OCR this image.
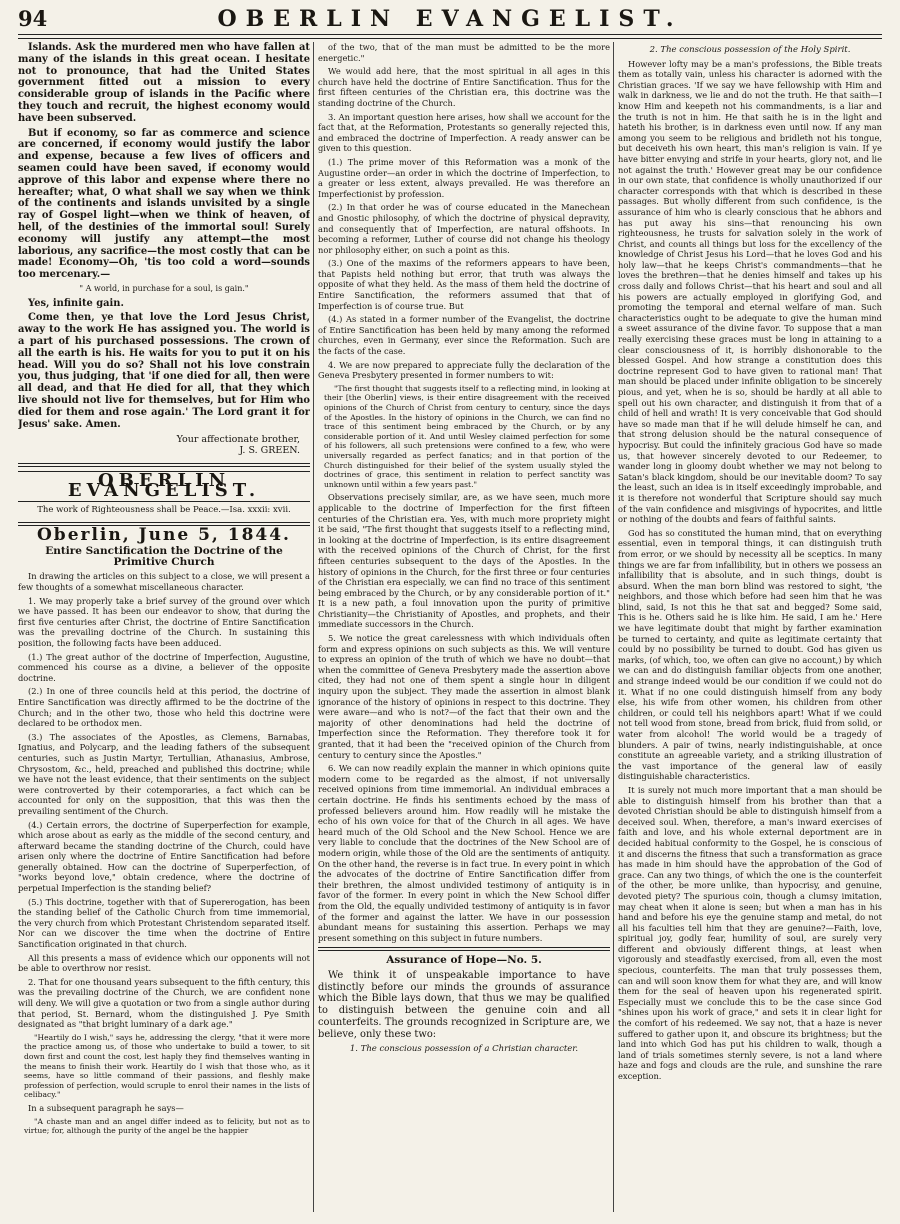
94	OBERLIN EVANGELIST.

Islands. Ask the murdered men who have fallen at many of the islands in this great ocean. I hesitate not to pronounce, that had the United States government fitted out a mission to every considerable group of islands in the Pacific where they touch and recruit, the highest economy would have been subserved.

But if economy, so far as commerce and science are concerned, if economy would justify the labor and expense, because a few lives of officers and seamen could have been saved, if economy would approve of this labor and expense where there no hereafter; what, O what shall we say when we think of the continents and islands unvisited by a single ray of Gospel light—when we think of heaven, of hell, of the destinies of the immortal soul! Surely economy will justify any attempt—the most laborious, any sacrifice—the most costly that can be made! Economy—Oh, 'tis too cold a word—sounds too mercenary.—

" A world, in purchase for a soul, is gain."

Yes, infinite gain.

Come then, ye that love the Lord Jesus Christ, away to the work He has assigned you. The world is a part of his purchased possessions. The crown of all the earth is his. He waits for you to put it on his head. Will you do so? Shall not his love constrain you, thus judging, that 'if one died for all, then were all dead, and that He died for all, that they which live should not live for themselves, but for Him who died for them and rose again.' The Lord grant it for Jesus' sake. Amen.

Your affectionate brother,

J. S. GREEN.

OBERLIN EVANGELIST.

The work of Righteousness shall be Peace.—Isa. xxxii: xvii.

Oberlin, June 5, 1844.

Entire Sanctification the Doctrine of the Primitive Church

In drawing the articles on this subject to a close, we will present a few thoughts of a somewhat miscellaneous character.

1. We may properly take a brief survey of the ground over which we have passed. It has been our endeavor to show, that during the first five centuries after Christ, the doctrine of Entire Sanctification was the prevailing doctrine of the Church. In sustaining this position, the following facts have been adduced.

(1.) The great author of the doctrine of Imperfection, Augustine, commenced his course as a divine, a believer of the opposite doctrine.

(2.) In one of three councils held at this period, the doctrine of Entire Sanctification was directly affirmed to be the doctrine of the Church; and in the other two, those who held this doctrine were declared to be orthodox men.

(3.) The associates of the Apostles, as Clemens, Barnabas, Ignatius, and Polycarp, and the leading fathers of the subsequent centuries, such as Justin Martyr, Tertullian, Athanasius, Ambrose, Chrysostom, &c., held, preached and published this doctrine; while we have not the least evidence, that their sentiments on the subject were controverted by their cotemporaries, a fact which can be accounted for only on the supposition, that this was then the prevailing sentiment of the Church.

(4.) Certain errors, the doctrine of Superperfection for example, which arose about as early as the middle of the second century, and afterward became the standing doctrine of the Church, could have arisen only where the doctrine of Entire Sanctification had before generally obtained. How can the doctrine of Superperfection, of "works beyond love," obtain credence, where the doctrine of perpetual Imperfection is the standing belief?

(5.) This doctrine, together with that of Supererogation, has been the standing belief of the Catholic Church from time immemorial, the very church from which Protestant Christendom separated itself. Nor can we discover the time when the doctrine of Entire Sanctification originated in that church.

All this presents a mass of evidence which our opponents will not be able to overthrow nor resist.

2. That for one thousand years subsequent to the fifth century, this was the prevailing doctrine of the Church, we are confident none will deny. We will give a quotation or two from a single author during that period, St. Bernard, whom the distinguished J. Pye Smith designated as "that bright luminary of a dark age."

"Heartily do I wish," says he, addressing the clergy, "that it were more the practice among us, of those who undertake to build a tower, to sit down first and count the cost, lest haply they find themselves wanting in the means to finish their work. Heartily do I wish that those who, as it seems, have so little command of their passions, and fleshly make profession of perfection, would scruple to enrol their names in the lists of celibacy."

In a subsequent paragraph he says—

"A chaste man and an angel differ indeed as to felicity, but not as to virtue; for, although the purity of the angel be the happier

of the two, that of the man must be admitted to be the more energetic."

We would add here, that the most spiritual in all ages in this church have held the doctrine of Entire Sanctification. Thus for the first fifteen centuries of the Christian era, this doctrine was the standing doctrine of the Church.

3. An important question here arises, how shall we account for the fact that, at the Reformation, Protestants so generally rejected this, and embraced the doctrine of Imperfection. A ready answer can be given to this question.

(1.) The prime mover of this Reformation was a monk of the Augustine order—an order in which the doctrine of Imperfection, to a greater or less extent, always prevailed. He was therefore an Imperfectionist by profession.

(2.) In that order he was of course educated in the Manechean and Gnostic philosophy, of which the doctrine of physical depravity, and consequently that of Imperfection, are natural offshoots. In becoming a reformer, Luther of course did not change his theology nor philosophy either, on such a point as this.

(3.) One of the maxims of the reformers appears to have been, that Papists held nothing but error, that truth was always the opposite of what they held. As the mass of them held the doctrine of Entire Sanctification, the reformers assumed that that of Imperfection is of course true. But

(4.) As stated in a former number of the Evangelist, the doctrine of Entire Sanctification has been held by many among the reformed churches, even in Germany, ever since the Reformation. Such are the facts of the case.

4. We are now prepared to appreciate fully the declaration of the Geneva Presbytery presented in former numbers to wit:

"The first thought that suggests itself to a reflecting mind, in looking at their [the Oberlin] views, is their entire disagreement with the received opinions of the Church of Christ from century to century, since the days of the Apostles. In the history of opinions in the Church, we can find no trace of this sentiment being embraced by the Church, or by any considerable portion of it. And until Wesley claimed perfection for some of his followers, all such pretensions were confined to a few, who were universally regarded as perfect fanatics; and in that portion of the Church distinguished for their belief of the system usually styled the doctrines of grace, this sentiment in relation to perfect sanctity was unknown until within a few years past."

Observations precisely similar, are, as we have seen, much more applicable to the doctrine of Imperfection for the first fifteen centuries of the Christian era. Yes, with much more propriety might it be said, "The first thought that suggests itself to a reflecting mind, in looking at the doctrine of Imperfection, is its entire disagreement with the received opinions of the Church of Christ, for the first fifteen centuries subsequent to the days of the Apostles. In the history of opinions in the Church, for the first three or four centuries of the Christian era especially, we can find no trace of this sentiment being embraced by the Church, or by any considerable portion of it." It is a new path, a foul innovation upon the purity of primitive Christianity—the Christianity of Apostles, and prophets, and their immediate successors in the Church.

5. We notice the great carelessness with which individuals often form and express opinions on such subjects as this. We will venture to express an opinion of the truth of which we have no doubt—that when the committee of Geneva Presbytery made the assertion above cited, they had not one of them spent a single hour in diligent inquiry upon the subject. They made the assertion in almost blank ignorance of the history of opinions in respect to this doctrine. They were aware—and who is not?—of the fact that their own and the majority of other denominations had held the doctrine of Imperfection since the Reformation. They therefore took it for granted, that it had been the "received opinion of the Church from century to century since the Apostles."

6. We can now readily explain the manner in which opinions quite modern come to be regarded as the almost, if not universally received opinions from time immemorial. An individual embraces a certain doctrine. He finds his sentiments echoed by the mass of professed believers around him. How readily will he mistake the echo of his own voice for that of the Church in all ages. We have heard much of the Old School and the New School. Hence we are very liable to conclude that the doctrines of the New School are of modern origin, while those of the Old are the sentiments of antiquity. On the other hand, the reverse is in fact true. In every point in which the advocates of the doctrine of Entire Sanctification differ from their brethren, the almost undivided testimony of antiquity is in favor of the former. In every point in which the New School differ from the Old, the equally undivided testimony of antiquity is in favor of the former and against the latter. We have in our possession abundant means for sustaining this assertion. Perhaps we may present something on this subject in future numbers.

Assurance of Hope—No. 5.

We think it of unspeakable importance to have distinctly before our minds the grounds of assurance which the Bible lays down, that thus we may be qualified to distinguish between the genuine coin and all counterfeits. The grounds recognized in Scripture are, we believe, only these two:

1. The conscious possession of a Christian character.

2. The conscious possession of the Holy Spirit.

However lofty may be a man's professions, the Bible treats them as totally vain, unless his character is adorned with the Christian graces. 'If we say we have fellowship with Him and walk in darkness, we lie and do not the truth. He that saith—I know Him and keepeth not his commandments, is a liar and the truth is not in him. He that saith he is in the light and hateth his brother, is in darkness even until now. If any man among you seem to be religious and bridleth not his tongue, but deceiveth his own heart, this man's religion is vain. If ye have bitter envying and strife in your hearts, glory not, and lie not against the truth.' However great may be our confidence in our own state, that confidence is wholly unauthorized if our character corresponds with that which is described in these passages. But wholly different from such confidence, is the assurance of him who is clearly conscious that he abhors and has put away his sins—that renouncing his own righteousness, he trusts for salvation solely in the work of Christ, and counts all things but loss for the excellency of the knowledge of Christ Jesus his Lord—that he loves God and his holy law—that he keeps Christ's commandments—that he loves the brethren—that he denies himself and takes up his cross daily and follows Christ—that his heart and soul and all his powers are actually employed in glorifying God, and promoting the temporal and eternal welfare of man. Such characteristics ought to be adequate to give the human mind a sweet assurance of the divine favor. To suppose that a man really exercising these graces must be long in attaining to a clear consciousness of it, is horribly dishonorable to the blessed Gospel. And how strange a constitution does this doctrine represent God to have given to rational man! That man should be placed under infinite obligation to be sincerely pious, and yet, when he is so, should be hardly at all able to spell out his own character, and distinguish it from that of a child of hell and wrath! It is very conceivable that God should have so made man that if he will delude himself he can, and that strong delusion should be the natural consequence of hypocrisy. But could the infinitely gracious God have so made us, that however sincerely devoted to our Redeemer, to wander long in gloomy doubt whether we may not belong to Satan's black kingdom, should be our inevitable doom? To say the least, such an idea is in itself exceedingly improbable, and it is therefore not wonderful that Scripture should say much of the vain confidence and misgivings of hypocrites, and little or nothing of the doubts and fears of faithful saints.

God has so constituted the human mind, that on everything essential, even in temporal things, it can distinguish truth from error, or we should by necessity all be sceptics. In many things we are far from infallibility, but in others we possess an infallibility that is absolute, and in such things, doubt is absurd. When the man born blind was restored to sight, 'the neighbors, and those which before had seen him that he was blind, said, Is not this he that sat and begged? Some said, This is he. Others said he is like him. He said, I am he.' Here we have legitimate doubt that might by farther examination be turned to certainty, and quite as legitimate certainty that could by no possibility be turned to doubt. God has given us marks, (of which, too, we often can give no account,) by which we can and do distinguish familiar objects from one another, and strange indeed would be our condition if we could not do it. What if no one could distinguish himself from any body else, his wife from other women, his children from other children, or could tell his neighbors apart! What if we could not tell wood from stone, bread from brick, fluid from solid, or water from alcohol! The world would be a tragedy of blunders. A pair of twins, nearly indistinguishable, at once constitute an agreeable variety, and a striking illustration of the vast importance of the general law of easily distinguishable characteristics.

It is surely not much more important that a man should be able to distinguish himself from his brother than that a devoted Christian should be able to distinguish himself from a deceived soul. When, therefore, a man's inward exercises of faith and love, and his whole external deportment are in decided habitual conformity to the Gospel, he is conscious of it and discerns the fitness that such a transformation as grace has made in him should have the approbation of the God of grace. Can any two things, of which the one is the counterfeit of the other, be more unlike, than hypocrisy, and genuine, devoted piety? The spurious coin, though a clumsy imitation, may cheat when it alone is seen; but when a man has in his hand and before his eye the genuine stamp and metal, do not all his faculties tell him that they are genuine?—Faith, love, spiritual joy, godly fear, humility of soul, are surely very different and obviously different things, at least when vigorously and steadfastly exercised, from all, even the most specious, counterfeits. The man that truly possesses them, can and will soon know them for what they are, and will know them for the seal of heaven upon his regenerated spirit. Especially must we conclude this to be the case since God "shines upon his work of grace," and sets it in clear light for the comfort of his redeemed. We say not, that a haze is never suffered to gather upon it, and obscure its brightness; but the land into which God has put his children to walk, though a land of trials sometimes sternly severe, is not a land where haze and fogs and clouds are the rule, and sunshine the rare exception.
